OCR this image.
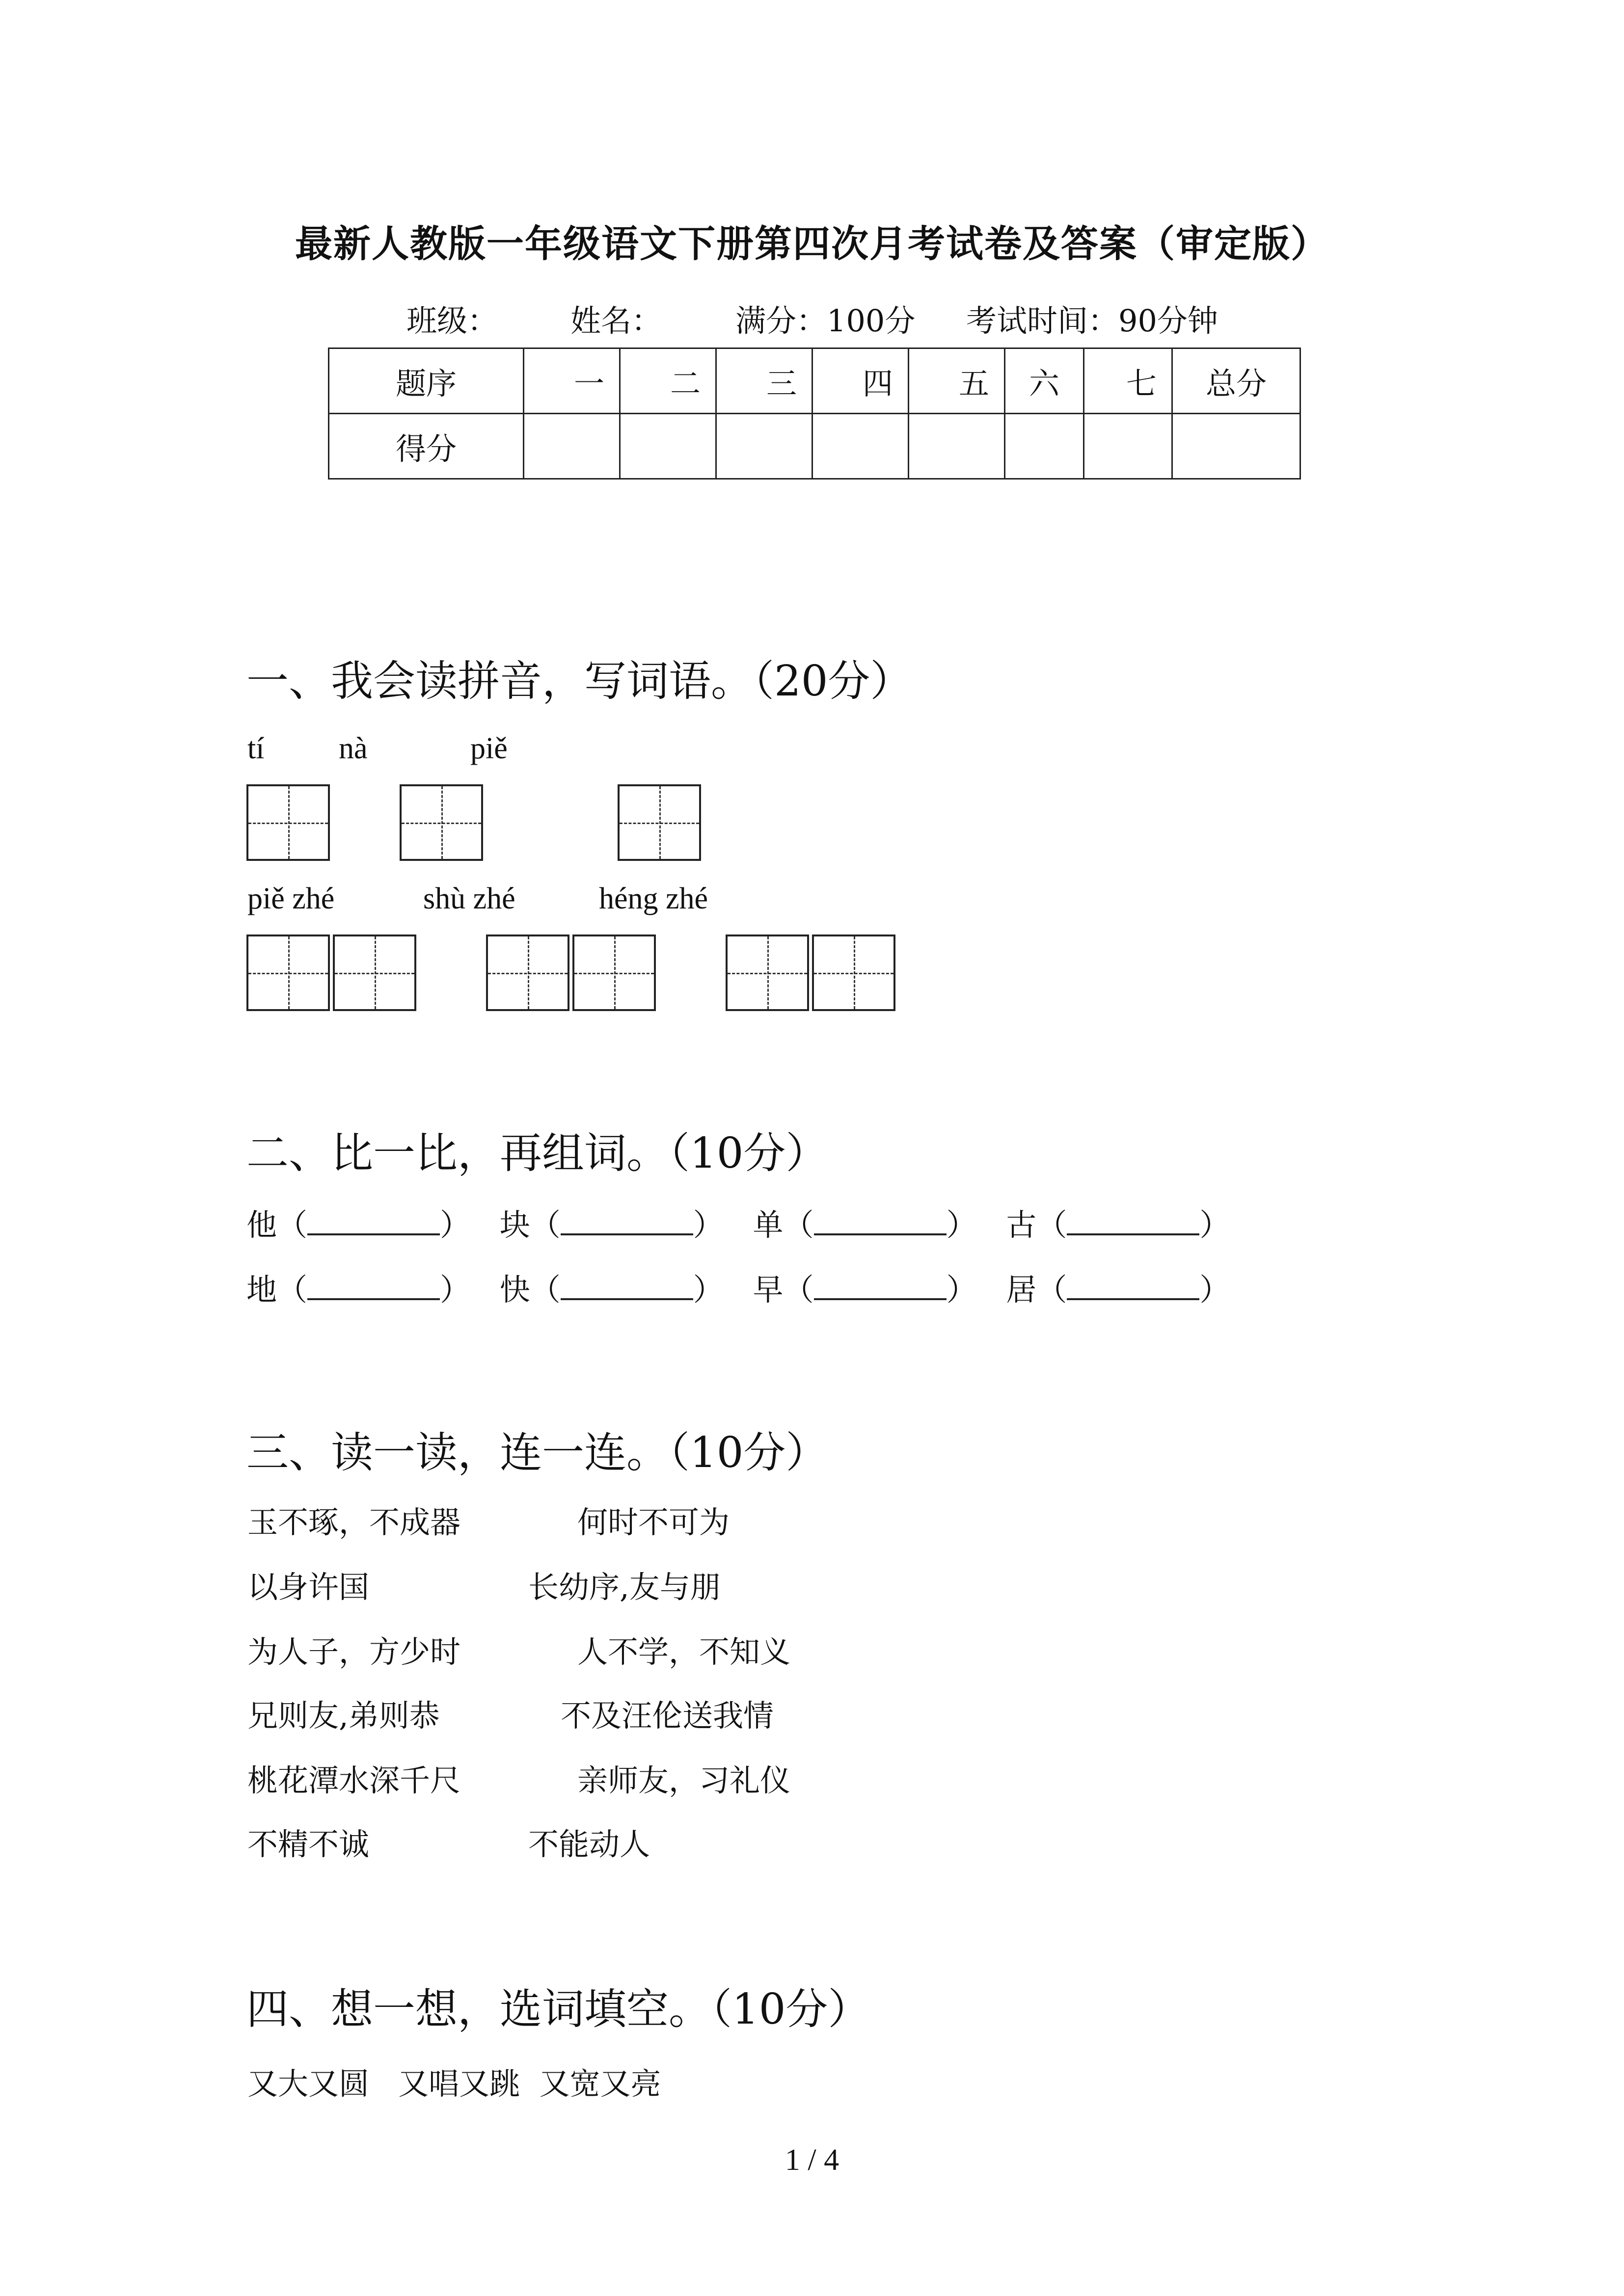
最新人教版一年级语文下册第四次月考试卷及答案（审定版）
班级： 姓名： 满分：100分 考试时间：90分钟
题序	一	二	三	四	五	六	七	总分
得分								
一、我会读拼音，写词语。（20分）
tí nà	piě
piě zhé	shù zhé	héng zhé
二、比一比，再组词。（10分）
他（	） 块（	） 单（	） 古（	）
地（	） 快（	） 早（	） 居（	）
三、读一读，连一连。（10分）
玉不琢，不成器	何时不可为
以身许国	长幼序,友与朋
为人子，方少时	人不学，不知义
兄则友,弟则恭	不及汪伦送我情
桃花潭水深千尺	亲师友，习礼仪
不精不诚	不能动人
四、想一想，选词填空。（10分）
又大又圆   又唱又跳  又宽又亮
1 / 4
